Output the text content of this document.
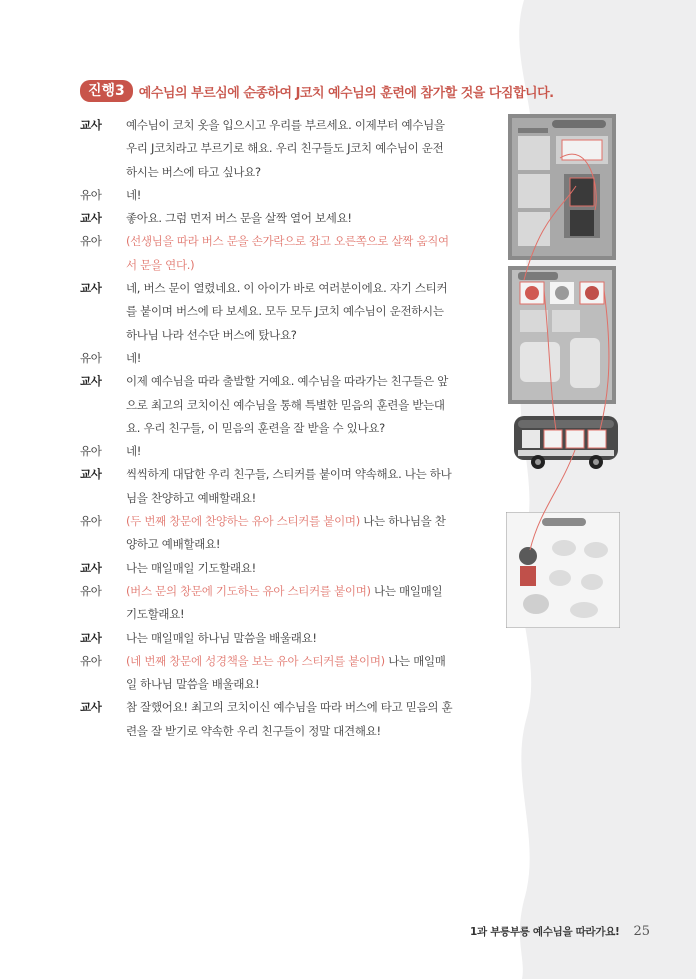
진행3	예수님의 부르심에 순종하여 J코치 예수님의 훈련에 참가할 것을 다짐합니다.
교사	예수님이 코치 옷을 입으시고 우리를 부르세요. 이제부터 예수님을
우리 J코치라고 부르기로 해요. 우리 친구들도 J코치 예수님이 운전
하시는 버스에 타고 싶나요?
유아	네!
교사	좋아요. 그럼 먼저 버스 문을 살짝 열어 보세요!
유아	(선생님을 따라 버스 문을 손가락으로 잡고 오른쪽으로 살짝 움직여
서 문을 연다.)
교사	네, 버스 문이 열렸네요. 이 아이가 바로 여러분이에요. 자기 스티커
를 붙이며 버스에 타 보세요. 모두 모두 J코치 예수님이 운전하시는
하나님 나라 선수단 버스에 탔나요?
유아	네!
교사	이제 예수님을 따라 출발할 거예요. 예수님을 따라가는 친구들은 앞
으로 최고의 코치이신 예수님을 통해 특별한 믿음의 훈련을 받는대
요. 우리 친구들, 이 믿음의 훈련을 잘 받을 수 있나요?
유아	네!
교사	씩씩하게 대답한 우리 친구들, 스티커를 붙이며 약속해요. 나는 하나
님을 찬양하고 예배할래요!
유아	(두 번째 창문에 찬양하는 유아 스티커를 붙이며) 나는 하나님을 찬
양하고 예배할래요!
교사	나는 매일매일 기도할래요!
유아	(버스 문의 창문에 기도하는 유아 스티커를 붙이며) 나는 매일매일
기도할래요!
교사	나는 매일매일 하나님 말씀을 배울래요!
유아	(네 번째 창문에 성경책을 보는 유아 스티커를 붙이며) 나는 매일매
일 하나님 말씀을 배울래요!
교사	참 잘했어요! 최고의 코치이신 예수님을 따라 버스에 타고 믿음의 훈
련을 잘 받기로 약속한 우리 친구들이 정말 대견해요!
1과 부릉부릉 예수님을 따라가요! 25
